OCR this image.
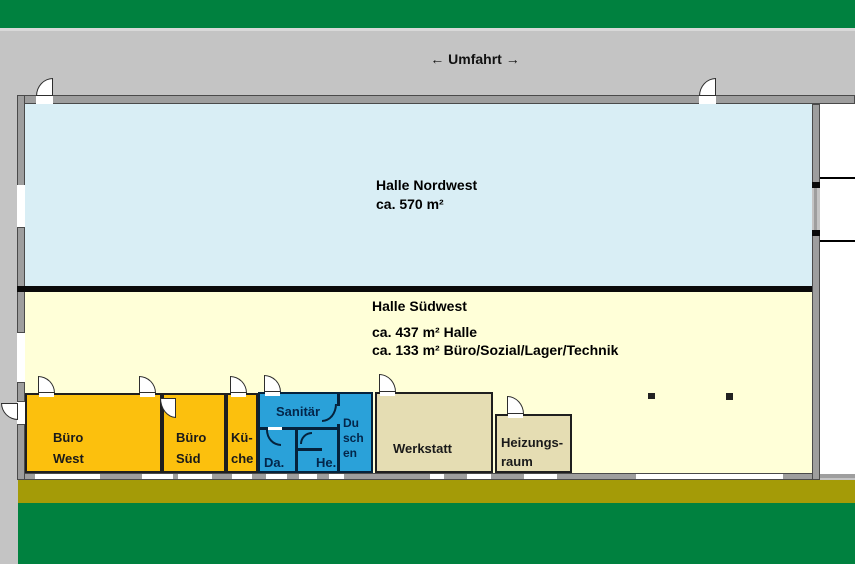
← Umfahrt →
Halle Nordwest
ca. 570 m²
Halle Südwest
ca. 437 m² Halle
ca. 133 m² Büro/Sozial/Lager/Technik
Büro
West
Büro
Süd
Kü-
che
Sanitär
Da. He.
Du
sch
en	Werkstatt	Heizungs-
raum
